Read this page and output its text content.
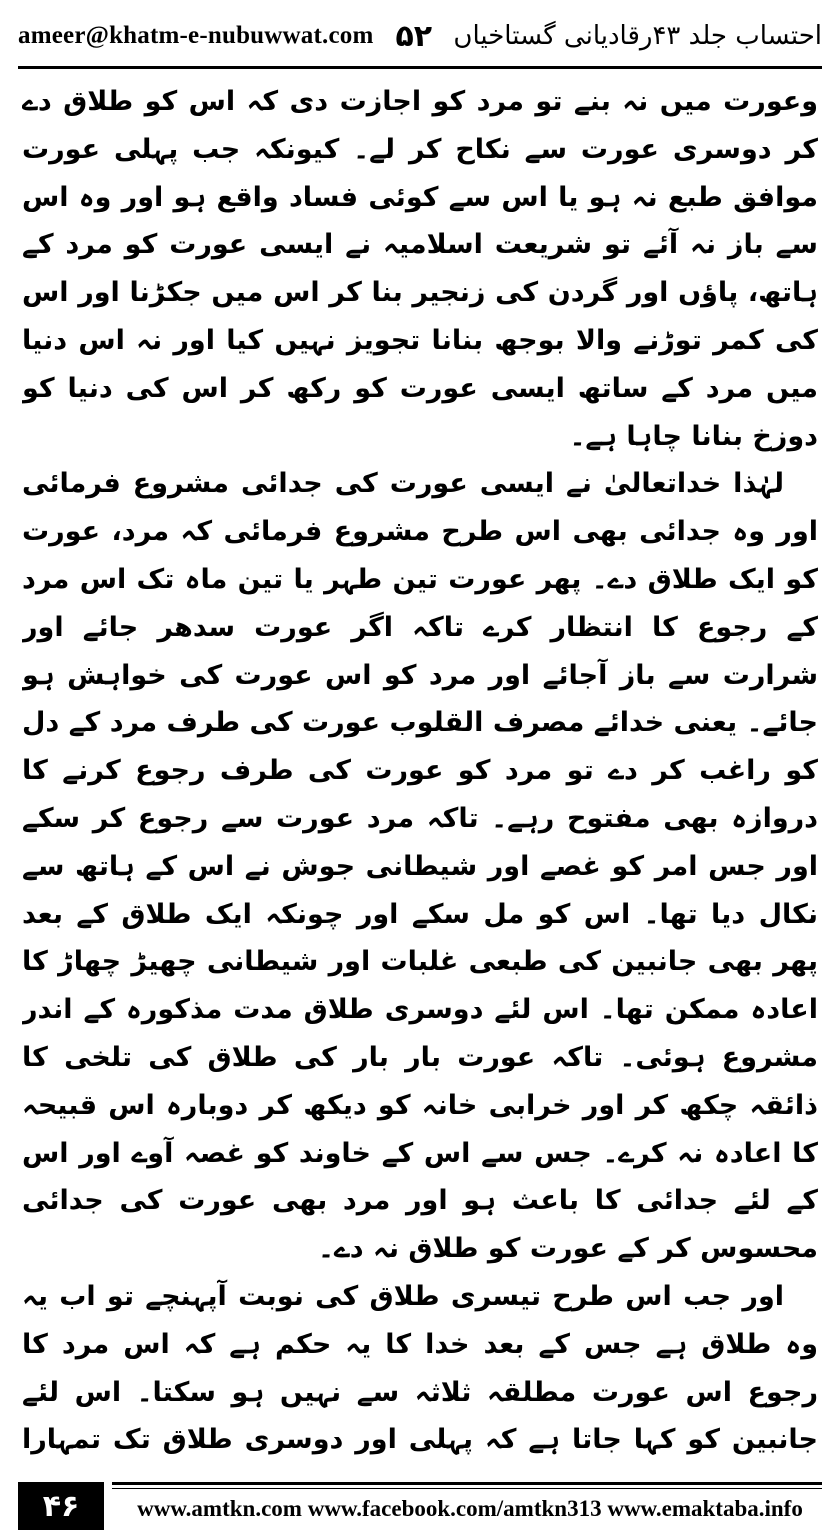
ameer@khatm-e-nubuwwat.com ۵۲ احتساب جلد ۴۳رقادیانی گستاخیاں

وعورت میں نہ بنے تو مرد کو اجازت دی کہ اس کو طلاق دے کر دوسری عورت سے نکاح کر لے۔ کیونکہ جب پہلی عورت موافق طبع نہ ہو یا اس سے کوئی فساد واقع ہو اور وہ اس سے باز نہ آئے تو شریعت اسلامیہ نے ایسی عورت کو مرد کے ہاتھ، پاؤں اور گردن کی زنجیر بنا کر اس میں جکڑنا اور اس کی کمر توڑنے والا بوجھ بنانا تجویز نہیں کیا اور نہ اس دنیا میں مرد کے ساتھ ایسی عورت کو رکھ کر اس کی دنیا کو دوزخ بنانا چاہا ہے۔

لہٰذا خداتعالیٰ نے ایسی عورت کی جدائی مشروع فرمائی اور وہ جدائی بھی اس طرح مشروع فرمائی کہ مرد، عورت کو ایک طلاق دے۔ پھر عورت تین طہر یا تین ماہ تک اس مرد کے رجوع کا انتظار کرے تاکہ اگر عورت سدھر جائے اور شرارت سے باز آجائے اور مرد کو اس عورت کی خواہش ہو جائے۔ یعنی خدائے مصرف القلوب عورت کی طرف مرد کے دل کو راغب کر دے تو مرد کو عورت کی طرف رجوع کرنے کا دروازہ بھی مفتوح رہے۔ تاکہ مرد عورت سے رجوع کر سکے اور جس امر کو غصے اور شیطانی جوش نے اس کے ہاتھ سے نکال دیا تھا۔ اس کو مل سکے اور چونکہ ایک طلاق کے بعد پھر بھی جانبین کی طبعی غلبات اور شیطانی چھیڑ چھاڑ کا اعادہ ممکن تھا۔ اس لئے دوسری طلاق مدت مذکورہ کے اندر مشروع ہوئی۔ تاکہ عورت بار بار کی طلاق کی تلخی کا ذائقہ چکھ کر اور خرابی خانہ کو دیکھ کر دوبارہ اس قبیحہ کا اعادہ نہ کرے۔ جس سے اس کے خاوند کو غصہ آوے اور اس کے لئے جدائی کا باعث ہو اور مرد بھی عورت کی جدائی محسوس کر کے عورت کو طلاق نہ دے۔

اور جب اس طرح تیسری طلاق کی نوبت آپہنچے تو اب یہ وہ طلاق ہے جس کے بعد خدا کا یہ حکم ہے کہ اس مرد کا رجوع اس عورت مطلقہ ثلاثہ سے نہیں ہو سکتا۔ اس لئے جانبین کو کہا جاتا ہے کہ پہلی اور دوسری طلاق تک تمہارا

۴۶	www.amtkn.com www.facebook.com/amtkn313 www.emaktaba.info
